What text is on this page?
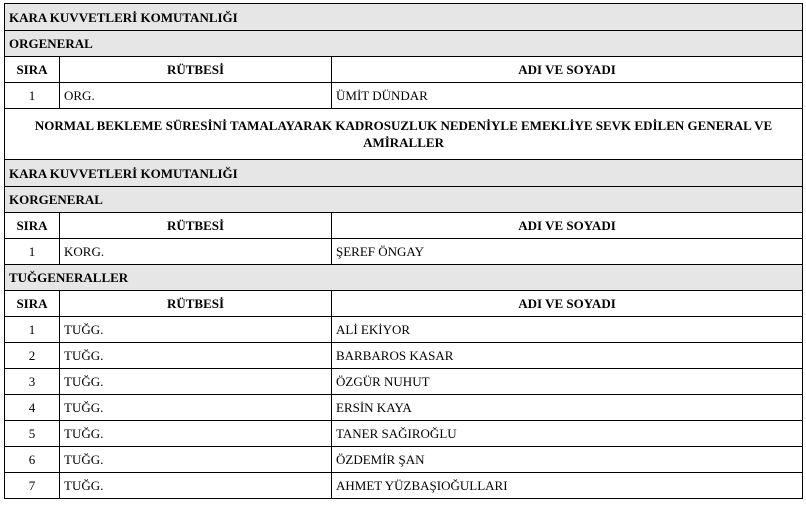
KARA KUVVETLERİ KOMUTANLIĞI		
ORGENERAL		
SIRA	RÜTBESİ	ADI VE SOYADI
1	ORG.	ÜMİT DÜNDAR
NORMAL BEKLEME SÜRESİNİ TAMALAYARAK KADROSUZLUK NEDENİYLE EMEKLİYE SEVK EDİLEN GENERAL VE AMİRALLER		
KARA KUVVETLERİ KOMUTANLIĞI		
KORGENERAL		
SIRA	RÜTBESİ	ADI VE SOYADI
1	KORG.	ŞEREF ÖNGAY
TUĞGENERALLER		
SIRA	RÜTBESİ	ADI VE SOYADI
1	TUĞG.	ALİ EKİYOR
2	TUĞG.	BARBAROS KASAR
3	TUĞG.	ÖZGÜR NUHUT
4	TUĞG.	ERSİN KAYA
5	TUĞG.	TANER SAĞIROĞLU
6	TUĞG.	ÖZDEMİR ŞAN
7	TUĞG.	AHMET YÜZBAŞIOĞULLARI
